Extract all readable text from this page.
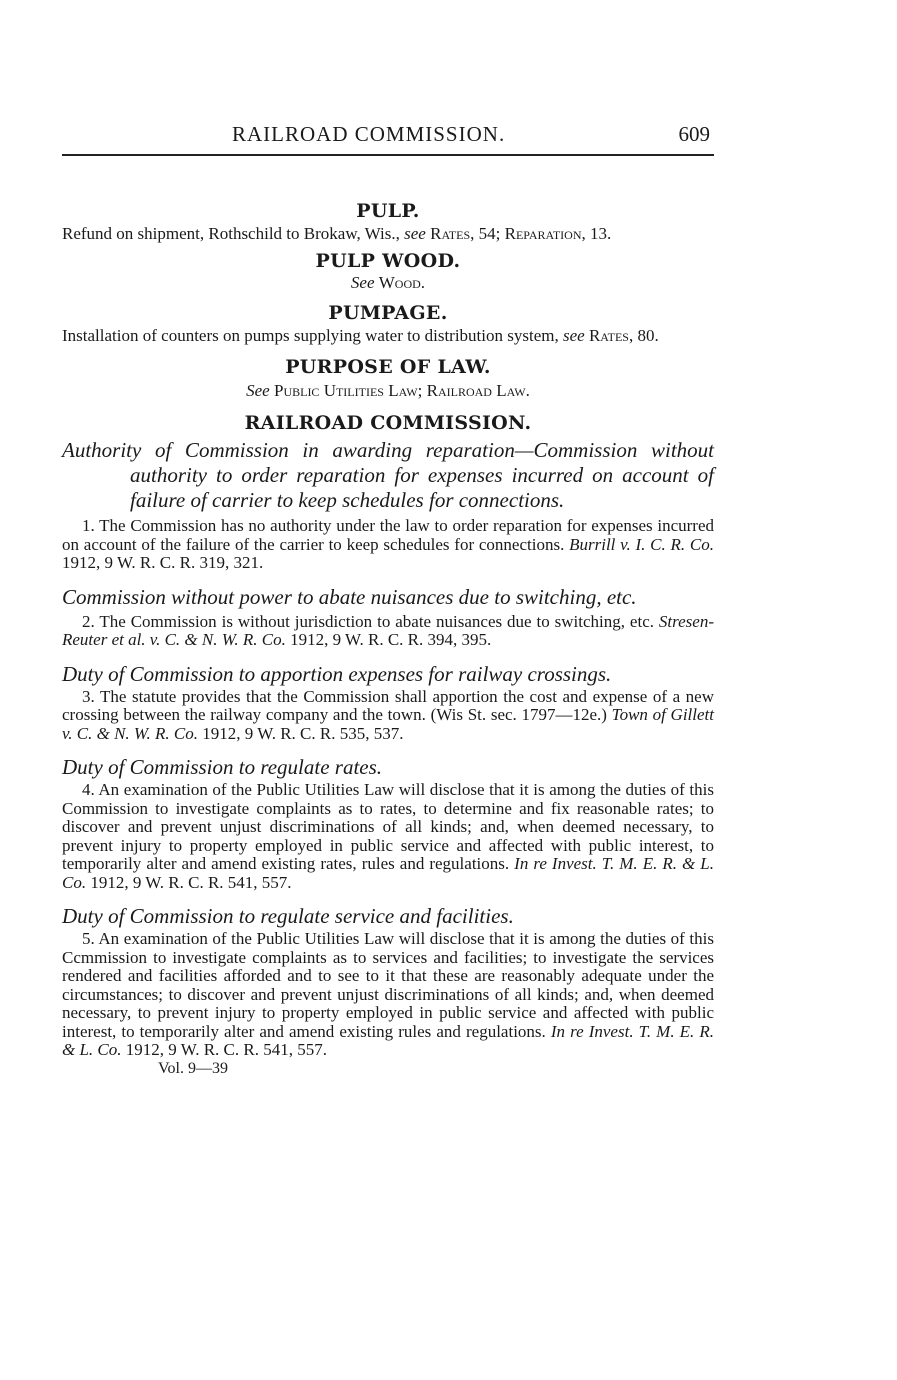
RAILROAD COMMISSION.	609
PULP.

Refund on shipment, Rothschild to Brokaw, Wis., see Rates, 54; Reparation, 13.

PULP WOOD.

See Wood.

PUMPAGE.

Installation of counters on pumps supplying water to distribution system, see Rates, 80.

PURPOSE OF LAW.

See Public Utilities Law; Railroad Law.

RAILROAD COMMISSION.
Authority of Commission in awarding reparation—Commission without authority to order reparation for expenses incurred on account of failure of carrier to keep schedules for connections.

1. The Commission has no authority under the law to order reparation for expenses incurred on account of the failure of the carrier to keep schedules for connections. Burrill v. I. C. R. Co. 1912, 9 W. R. C. R. 319, 321.

Commission without power to abate nuisances due to switching, etc.

2. The Commission is without jurisdiction to abate nuisances due to switching, etc. Stresen-Reuter et al. v. C. & N. W. R. Co. 1912, 9 W. R. C. R. 394, 395.

Duty of Commission to apportion expenses for railway crossings.

3. The statute provides that the Commission shall apportion the cost and expense of a new crossing between the railway company and the town. (Wis St. sec. 1797—12e.) Town of Gillett v. C. & N. W. R. Co. 1912, 9 W. R. C. R. 535, 537.

Duty of Commission to regulate rates.

4. An examination of the Public Utilities Law will disclose that it is among the duties of this Commission to investigate complaints as to rates, to determine and fix reasonable rates; to discover and prevent unjust discriminations of all kinds; and, when deemed necessary, to prevent injury to property employed in public service and affected with public interest, to temporarily alter and amend existing rates, rules and regulations. In re Invest. T. M. E. R. & L. Co. 1912, 9 W. R. C. R. 541, 557.

Duty of Commission to regulate service and facilities.

5. An examination of the Public Utilities Law will disclose that it is among the duties of this Ccmmission to investigate complaints as to services and facilities; to investigate the services rendered and facilities afforded and to see to it that these are reasonably adequate under the circumstances; to discover and prevent unjust discriminations of all kinds; and, when deemed necessary, to prevent injury to property employed in public service and affected with public interest, to temporarily alter and amend existing rules and regulations. In re Invest. T. M. E. R. & L. Co. 1912, 9 W. R. C. R. 541, 557.

Vol. 9—39
